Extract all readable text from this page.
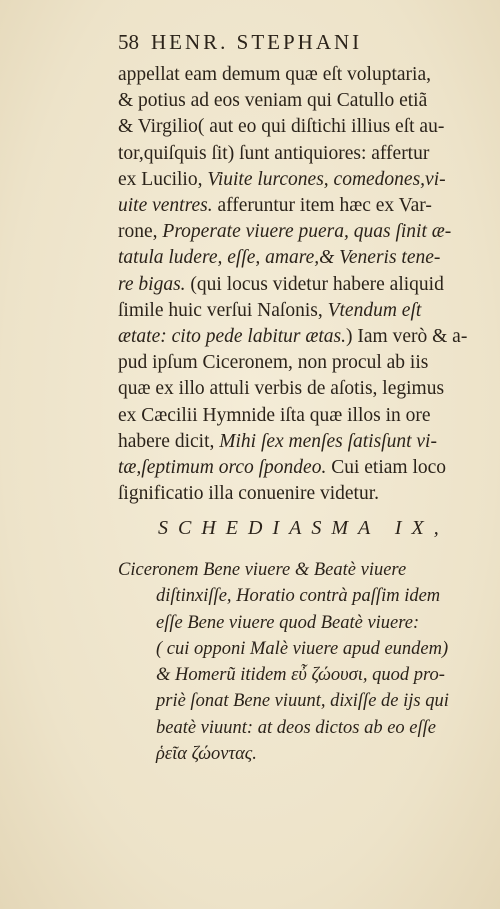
58 HENR. STEPHANI
appellat eam demum quæ eſt voluptaria,
& potius ad eos veniam qui Catullo etiã
& Virgilio( aut eo qui diſtichi illius eſt au-
tor,quiſquis ſit) ſunt antiquiores: affertur
ex Lucilio, Viuite lurcones, comedones,vi-
uite ventres. afferuntur item hæc ex Var-
rone, Properate viuere puera, quas ſinit æ-
tatula ludere, eſſe, amare,& Veneris tene-
re bigas. (qui locus videtur habere aliquid
ſimile huic verſui Naſonis, Vtendum eſt
ætate: cito pede labitur ætas.) Iam verò & a-
pud ipſum Ciceronem, non procul ab iis
quæ ex illo attuli verbis de aſotis, legimus
ex Cæcilii Hymnide iſta quæ illos in ore
habere dicit, Mihi ſex menſes ſatisſunt vi-
tæ,ſeptimum orco ſpondeo. Cui etiam loco
ſignificatio illa conuenire videtur.
SCHEDIASMA IX,
Ciceronem Bene viuere & Beatè viuere
diſtinxiſſe, Horatio contrà paſſim idem
eſſe Bene viuere quod Beatè viuere:
( cui opponi Malè viuere apud eundem)
& Homerũ itidem εὖ ζώουσι, quod pro-
priè ſonat Bene viuunt, dixiſſe de ijs qui
beatè viuunt: at deos dictos ab eo eſſe
ῥεῖα ζώοντας.
